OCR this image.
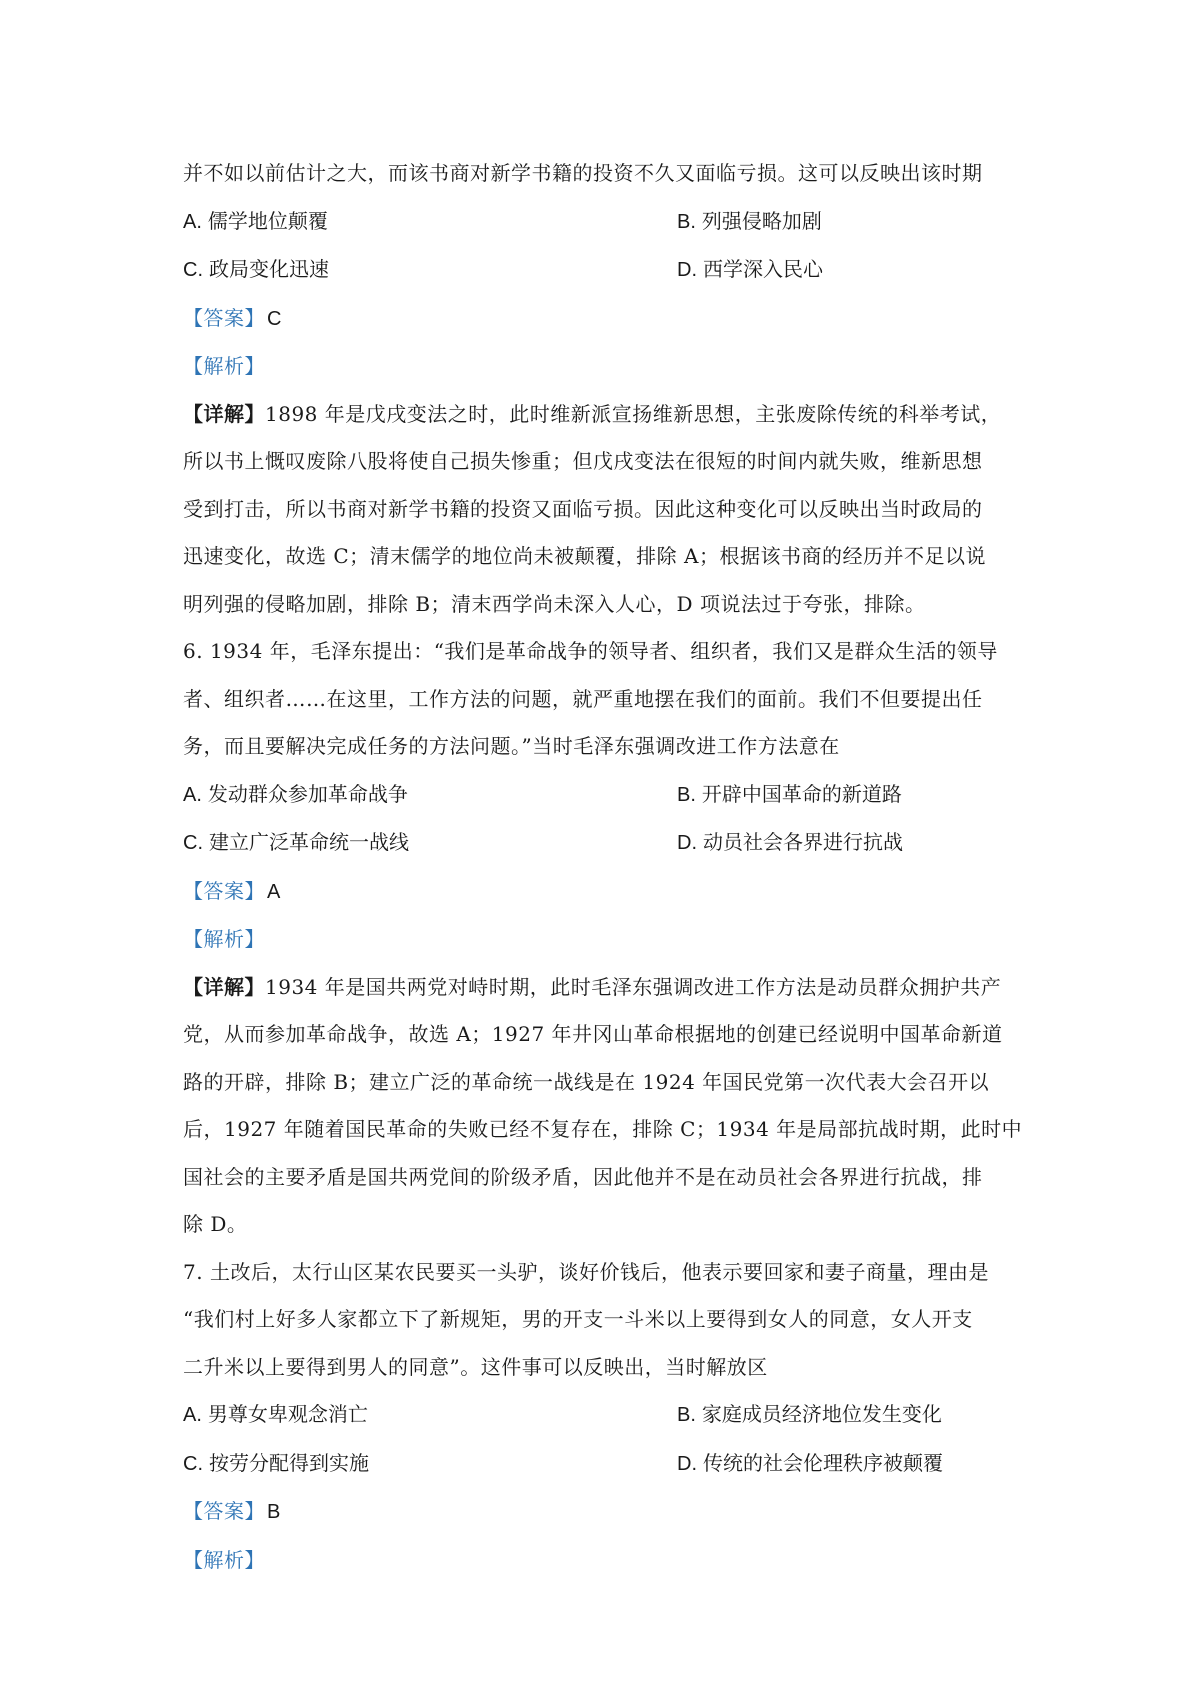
并不如以前估计之大，而该书商对新学书籍的投资不久又面临亏损。这可以反映出该时期
A. 儒学地位颠覆	B. 列强侵略加剧
C. 政局变化迅速	D. 西学深入民心
【答案】 C
【解析】
【详解】1898 年是戊戌变法之时，此时维新派宣扬维新思想，主张废除传统的科举考试，
所以书上慨叹废除八股将使自己损失惨重；但戊戌变法在很短的时间内就失败，维新思想
受到打击，所以书商对新学书籍的投资又面临亏损。因此这种变化可以反映出当时政局的
迅速变化，故选 C；清末儒学的地位尚未被颠覆，排除 A；根据该书商的经历并不足以说
明列强的侵略加剧，排除 B；清末西学尚未深入人心，D 项说法过于夸张，排除。
6. 1934 年，毛泽东提出：“我们是革命战争的领导者、组织者，我们又是群众生活的领导
者、组织者……在这里，工作方法的问题，就严重地摆在我们的面前。我们不但要提出任
务，而且要解决完成任务的方法问题。”当时毛泽东强调改进工作方法意在
A. 发动群众参加革命战争	B. 开辟中国革命的新道路
C. 建立广泛革命统一战线	D. 动员社会各界进行抗战
【答案】 A
【解析】
【详解】1934 年是国共两党对峙时期，此时毛泽东强调改进工作方法是动员群众拥护共产
党，从而参加革命战争，故选 A；1927 年井冈山革命根据地的创建已经说明中国革命新道
路的开辟，排除 B；建立广泛的革命统一战线是在 1924 年国民党第一次代表大会召开以
后，1927 年随着国民革命的失败已经不复存在，排除 C；1934 年是局部抗战时期，此时中
国社会的主要矛盾是国共两党间的阶级矛盾，因此他并不是在动员社会各界进行抗战，排
除 D。
7. 土改后，太行山区某农民要买一头驴，谈好价钱后，他表示要回家和妻子商量，理由是
“我们村上好多人家都立下了新规矩，男的开支一斗米以上要得到女人的同意，女人开支
二升米以上要得到男人的同意”。这件事可以反映出，当时解放区
A. 男尊女卑观念消亡	B. 家庭成员经济地位发生变化
C. 按劳分配得到实施	D. 传统的社会伦理秩序被颠覆
【答案】 B
【解析】
